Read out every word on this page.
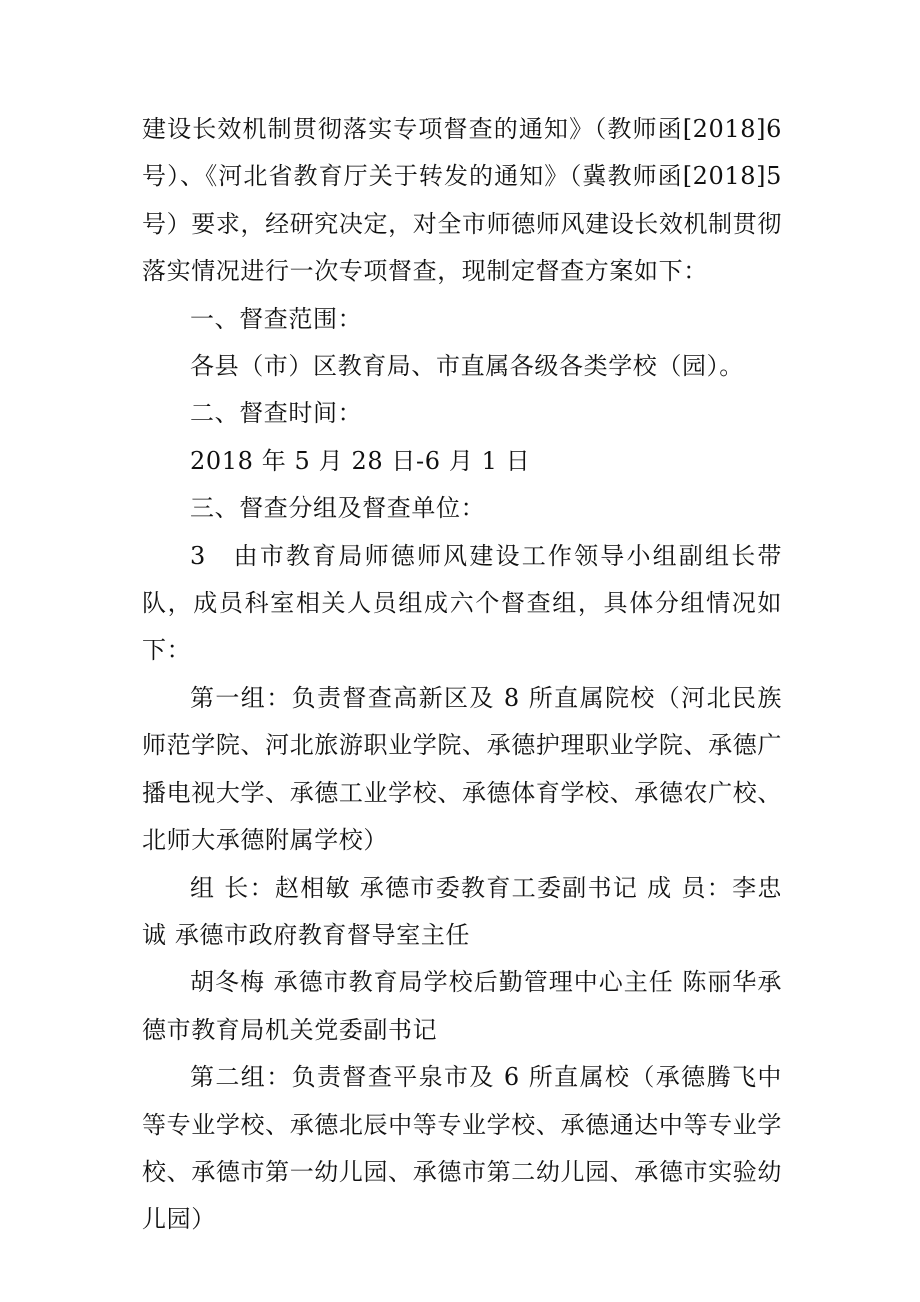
建设长效机制贯彻落实专项督查的通知》（教师函[2018]6号）、《河北省教育厅关于转发的通知》（冀教师函[2018]5号）要求，经研究决定，对全市师德师风建设长效机制贯彻落实情况进行一次专项督查，现制定督查方案如下：

一、督查范围：

各县（市）区教育局、市直属各级各类学校（园）。

二、督查时间：

2018 年 5 月 28 日-6 月 1 日

三、督查分组及督查单位：

3　由市教育局师德师风建设工作领导小组副组长带队，成员科室相关人员组成六个督查组，具体分组情况如下：

第一组：负责督查高新区及 8 所直属院校（河北民族师范学院、河北旅游职业学院、承德护理职业学院、承德广播电视大学、承德工业学校、承德体育学校、承德农广校、北师大承德附属学校）

组 长：赵相敏 承德市委教育工委副书记 成 员：李忠诚 承德市政府教育督导室主任

胡冬梅 承德市教育局学校后勤管理中心主任 陈丽华承德市教育局机关党委副书记

第二组：负责督查平泉市及 6 所直属校（承德腾飞中等专业学校、承德北辰中等专业学校、承德通达中等专业学校、承德市第一幼儿园、承德市第二幼儿园、承德市实验幼儿园）
